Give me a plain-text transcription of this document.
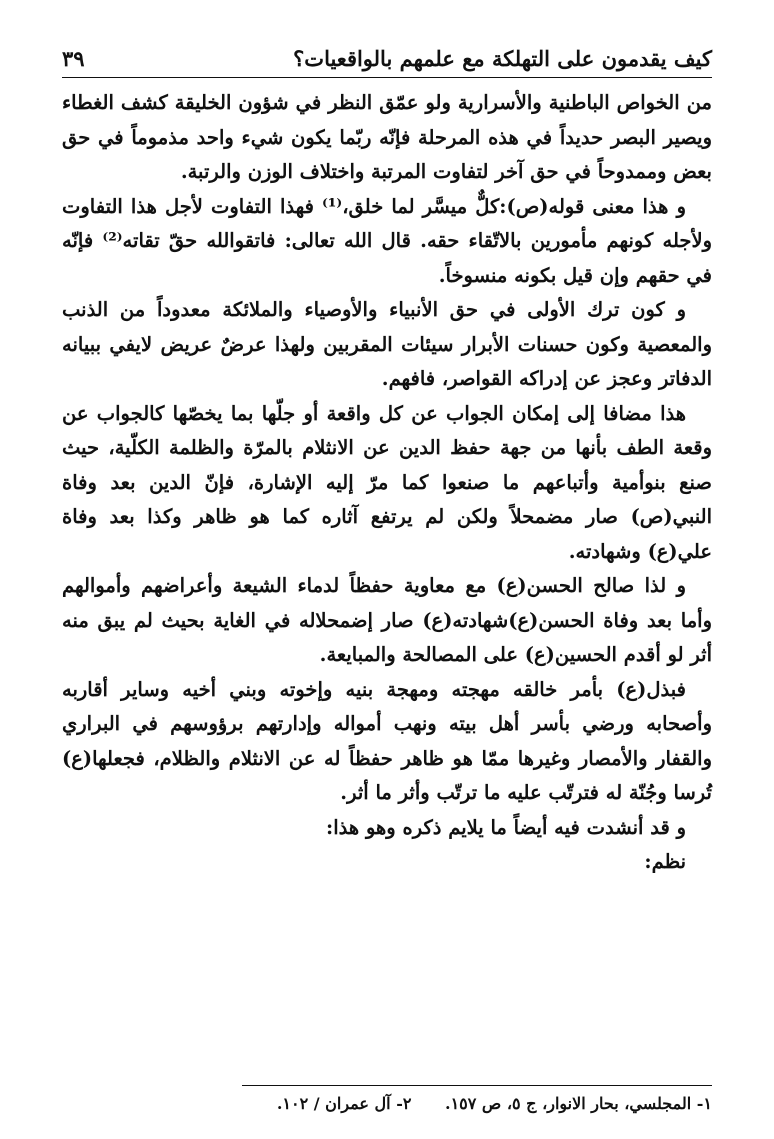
كيف يقدمون على التهلكة مع علمهم بالواقعيات؟
٣٩

من الخواص الباطنية والأسرارية ولو عمّق النظر في شؤون الخليقة كشف الغطاء ويصير البصر حديداً في هذه المرحلة فإنّه ربّما يكون شيء واحد مذموماً في حق بعض وممدوحاً في حق آخر لتفاوت المرتبة واختلاف الوزن والرتبة.

و هذا معنى قوله(ص):كلٌّ ميسَّر لما خلق،⁽¹⁾ فهذا التفاوت لأجل هذا التفاوت ولأجله كونهم مأمورين بالاتّقاء حقه. قال الله تعالى: فاتقوالله حقّ تقاته⁽²⁾ فإنّه في حقهم وإن قيل بكونه منسوخاً.

و كون ترك الأولى في حق الأنبياء والأوصياء والملائكة معدوداً من الذنب والمعصية وكون حسنات الأبرار سيئات المقربين ولهذا عرضٌ عريض لايفي ببيانه الدفاتر وعجز عن إدراكه القواصر، فافهم.

هذا مضافا إلى إمكان الجواب عن كل واقعة أو جلّها بما يخصّها كالجواب عن وقعة الطف بأنها من جهة حفظ الدين عن الانثلام بالمرّة والظلمة الكلّية، حيث صنع بنوأمية وأتباعهم ما صنعوا كما مرّ إليه الإشارة، فإنّ الدين بعد وفاة النبي(ص) صار مضمحلاً ولكن لم يرتفع آثاره كما هو ظاهر وكذا بعد وفاة علي(ع) وشهادته.

و لذا صالح الحسن(ع) مع معاوية حفظاً لدماء الشيعة وأعراضهم وأموالهم وأما بعد وفاة الحسن(ع)شهادته(ع) صار إضمحلاله في الغاية بحيث لم يبق منه أثر لو أقدم الحسين(ع) على المصالحة والمبايعة.

فبذل(ع) بأمر خالقه مهجته ومهجة بنيه وإخوته وبني أخيه وساير أقاربه وأصحابه ورضي بأسر أهل بيته ونهب أمواله وإدارتهم برؤوسهم في البراري والقفار والأمصار وغيرها ممّا هو ظاهر حفظاً له عن الانثلام والظلام، فجعلها(ع) تُرسا وجُنّة له فترتّب عليه ما ترتّب وأثر ما أثر.

و قد أنشدت فيه أيضاً ما يلايم ذكره وهو هذا:

نظم:

١- المجلسي، بحار الانوار، ج ٥، ص ١٥٧. ٢- آل عمران / ١٠٢.
